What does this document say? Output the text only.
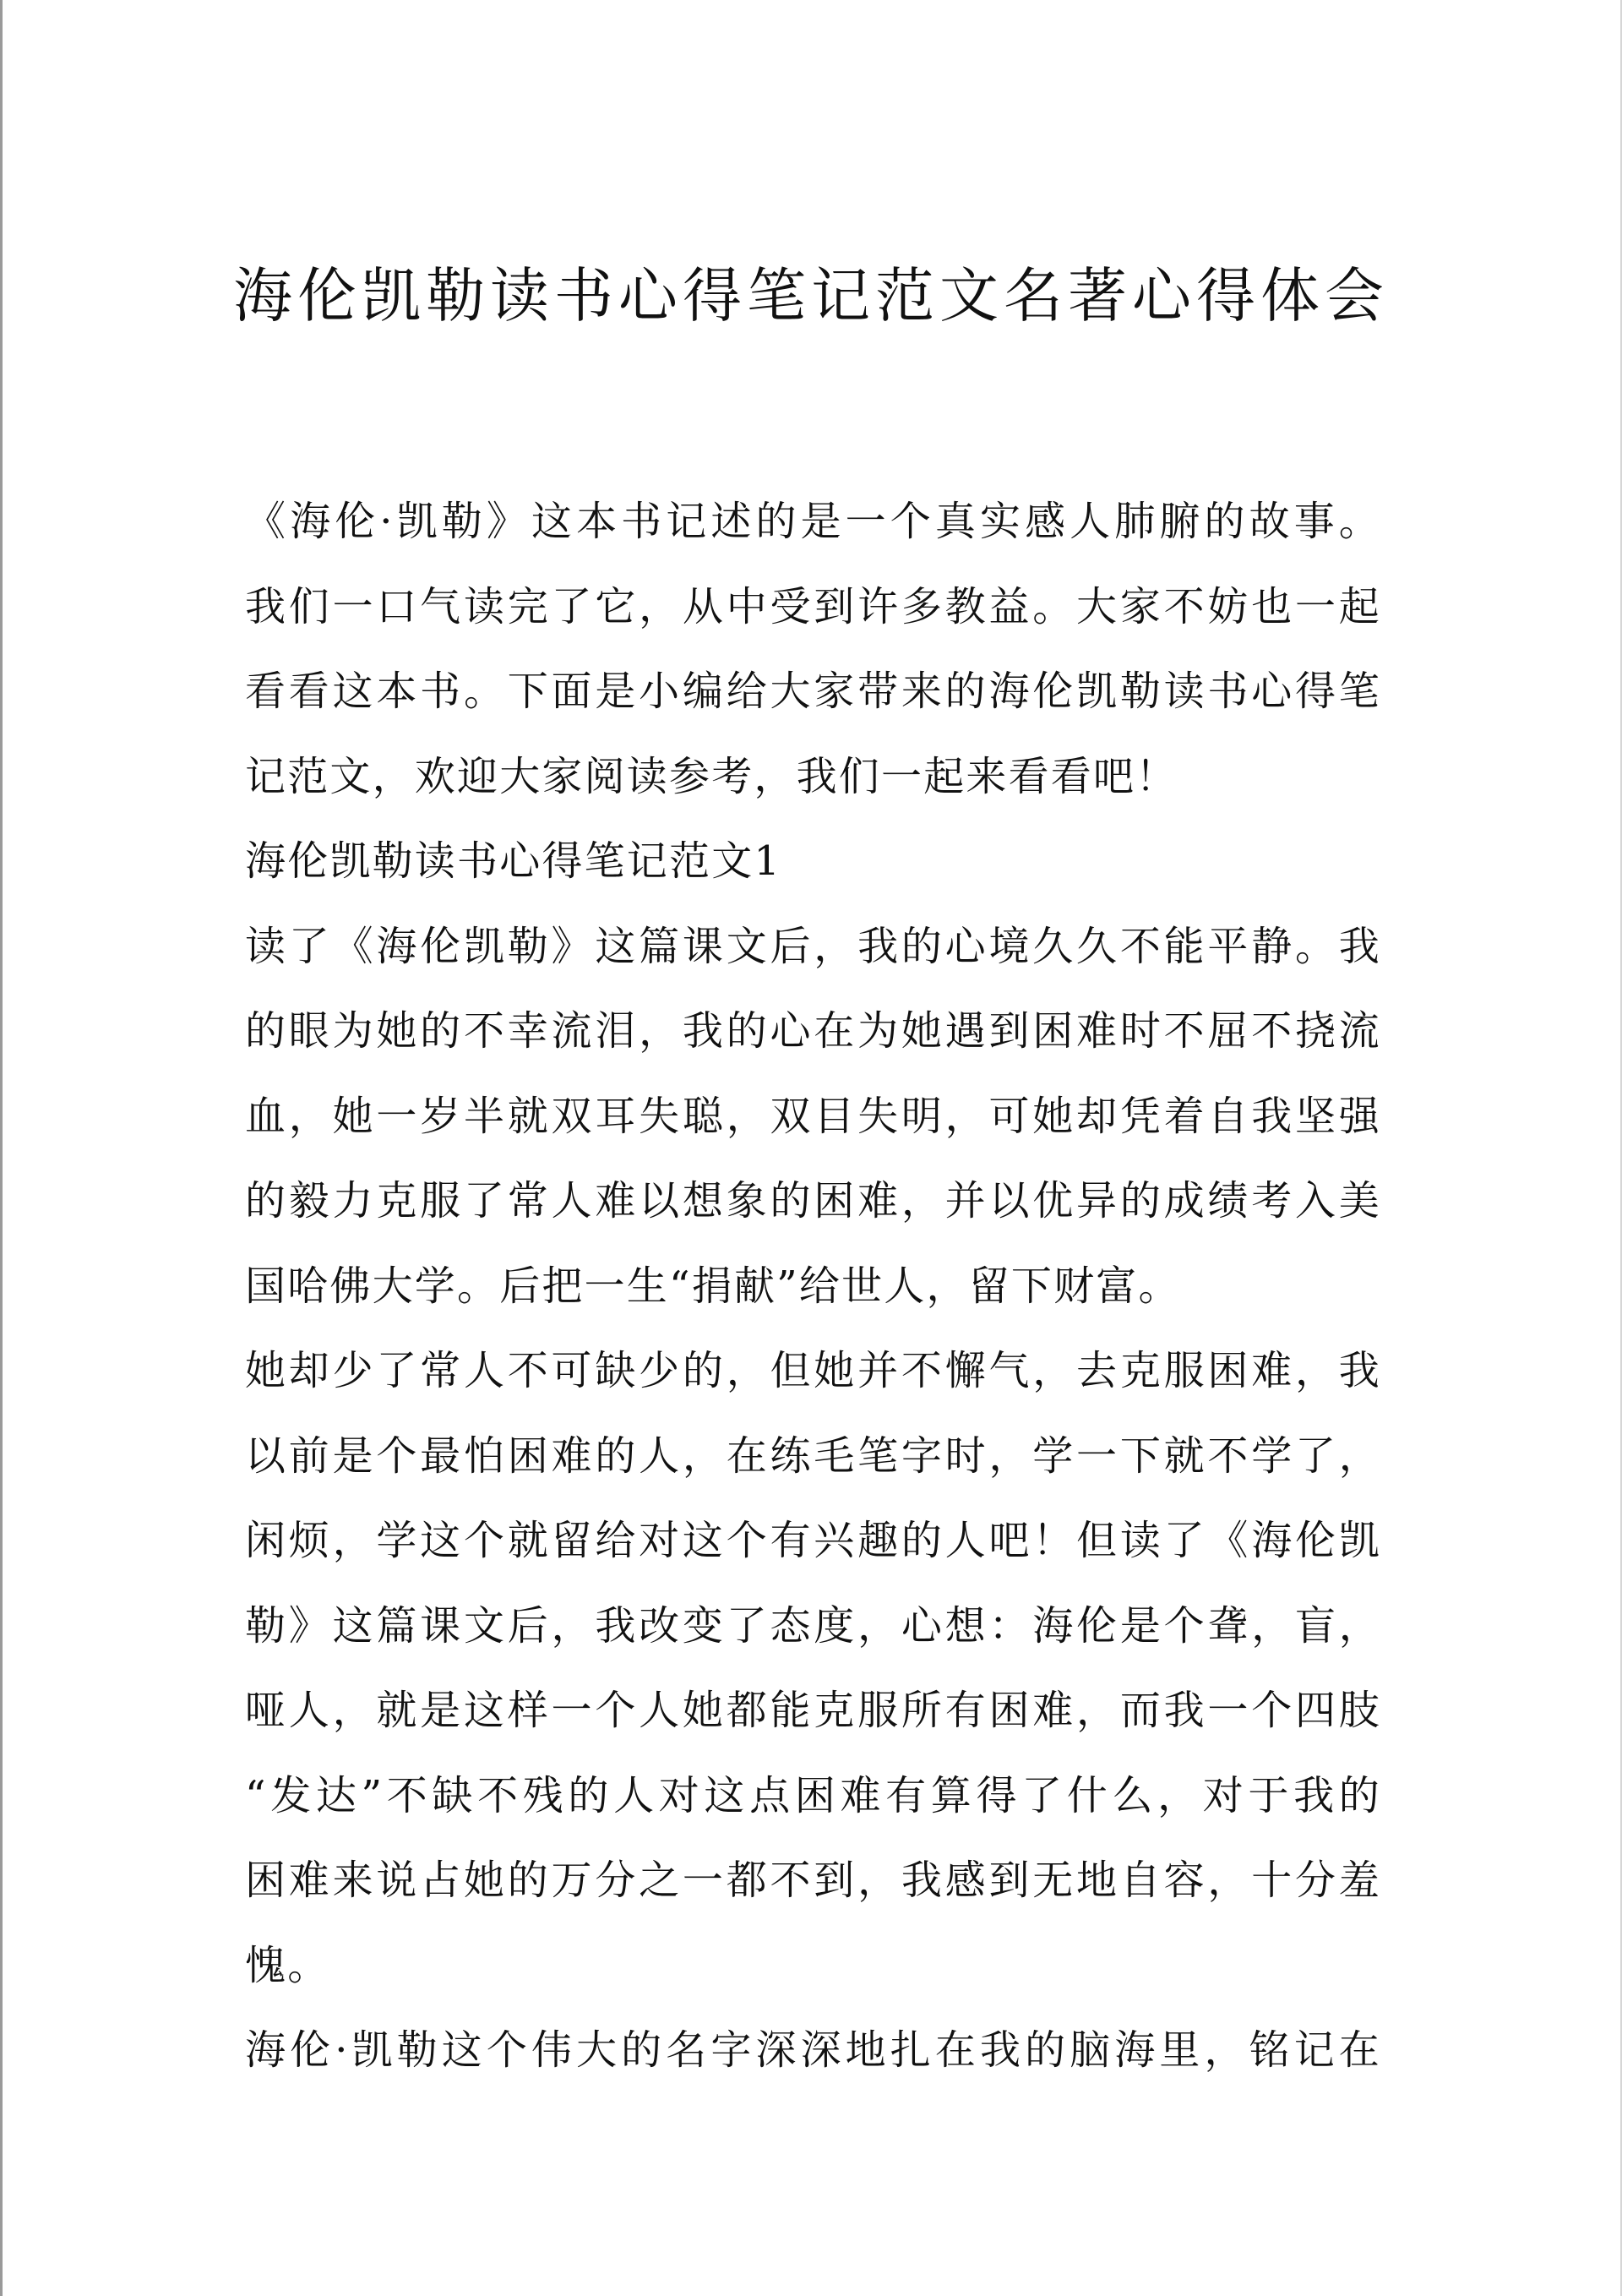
海伦凯勒读书心得笔记范文名著心得体会
《海伦·凯勒》这本书记述的是一个真实感人肺腑的故事。
我们一口气读完了它，从中受到许多教益。大家不妨也一起
看看这本书。下面是小编给大家带来的海伦凯勒读书心得笔
记范文，欢迎大家阅读参考，我们一起来看看吧！
海伦凯勒读书心得笔记范文1
读了《海伦凯勒》这篇课文后，我的心境久久不能平静。我
的眼为她的不幸流泪，我的心在为她遇到困难时不屈不挠流
血，她一岁半就双耳失聪，双目失明，可她却凭着自我坚强
的毅力克服了常人难以想象的困难，并以优异的成绩考入美
国哈佛大学。后把一生“捐献”给世人，留下财富。
她却少了常人不可缺少的，但她并不懈气，去克服困难，我
以前是个最怕困难的人，在练毛笔字时，学一下就不学了，
闲烦，学这个就留给对这个有兴趣的人吧！但读了《海伦凯
勒》这篇课文后，我改变了态度，心想：海伦是个聋，盲，
哑人，就是这样一个人她都能克服所有困难，而我一个四肢
“发达”不缺不残的人对这点困难有算得了什么，对于我的
困难来说占她的万分之一都不到，我感到无地自容，十分羞
愧。
海伦·凯勒这个伟大的名字深深地扎在我的脑海里，铭记在
